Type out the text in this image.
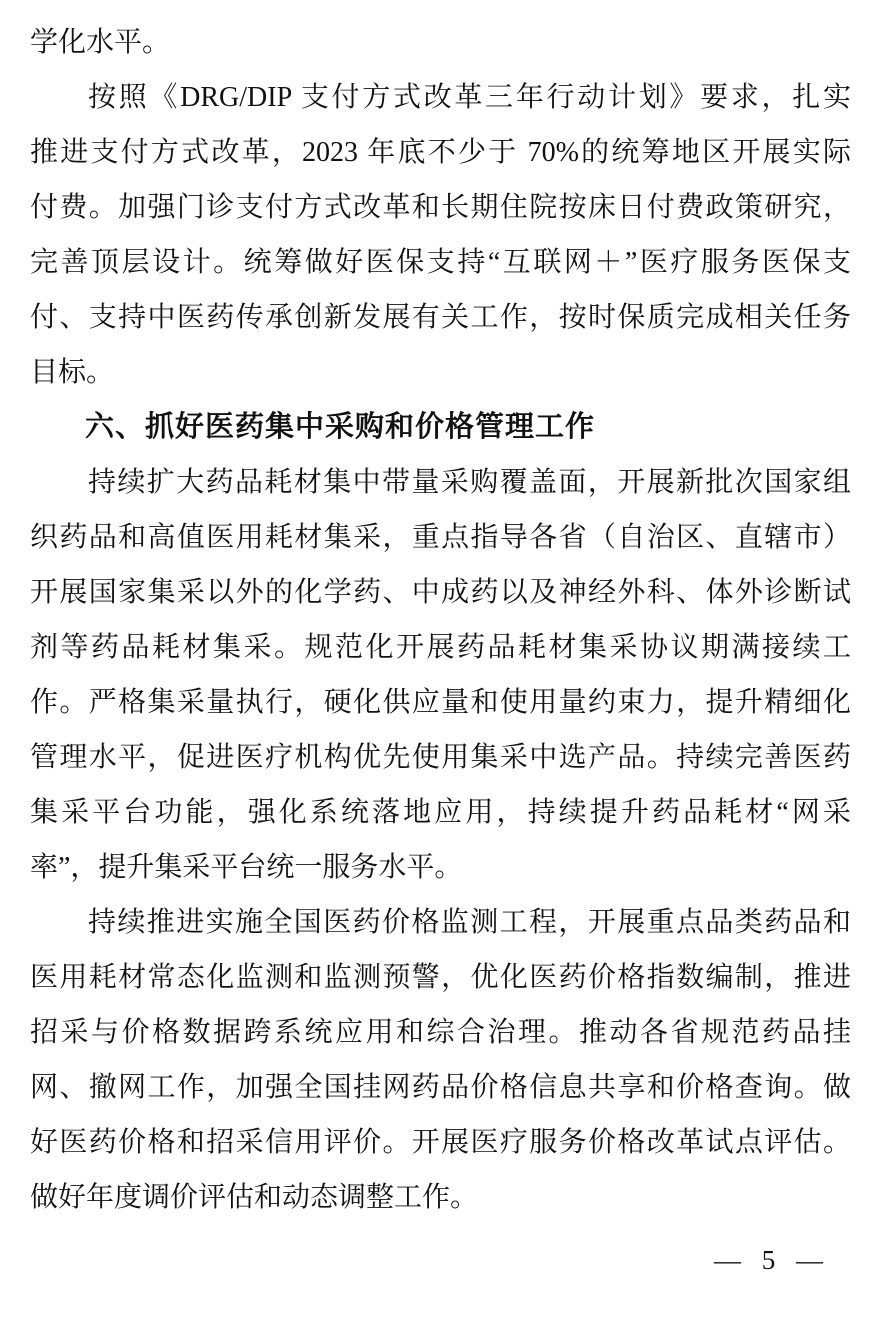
学化水平。
按照《DRG/DIP 支付方式改革三年行动计划》要求，扎实
推进支付方式改革，2023 年底不少于 70%的统筹地区开展实际
付费。加强门诊支付方式改革和长期住院按床日付费政策研究，
完善顶层设计。统筹做好医保支持“互联网＋”医疗服务医保支
付、支持中医药传承创新发展有关工作，按时保质完成相关任务
目标。
六、抓好医药集中采购和价格管理工作
持续扩大药品耗材集中带量采购覆盖面，开展新批次国家组
织药品和高值医用耗材集采，重点指导各省（自治区、直辖市）
开展国家集采以外的化学药、中成药以及神经外科、体外诊断试
剂等药品耗材集采。规范化开展药品耗材集采协议期满接续工
作。严格集采量执行，硬化供应量和使用量约束力，提升精细化
管理水平，促进医疗机构优先使用集采中选产品。持续完善医药
集采平台功能，强化系统落地应用，持续提升药品耗材“网采
率”，提升集采平台统一服务水平。
持续推进实施全国医药价格监测工程，开展重点品类药品和
医用耗材常态化监测和监测预警，优化医药价格指数编制，推进
招采与价格数据跨系统应用和综合治理。推动各省规范药品挂
网、撤网工作，加强全国挂网药品价格信息共享和价格查询。做
好医药价格和招采信用评价。开展医疗服务价格改革试点评估。
做好年度调价评估和动态调整工作。
— 5 —
